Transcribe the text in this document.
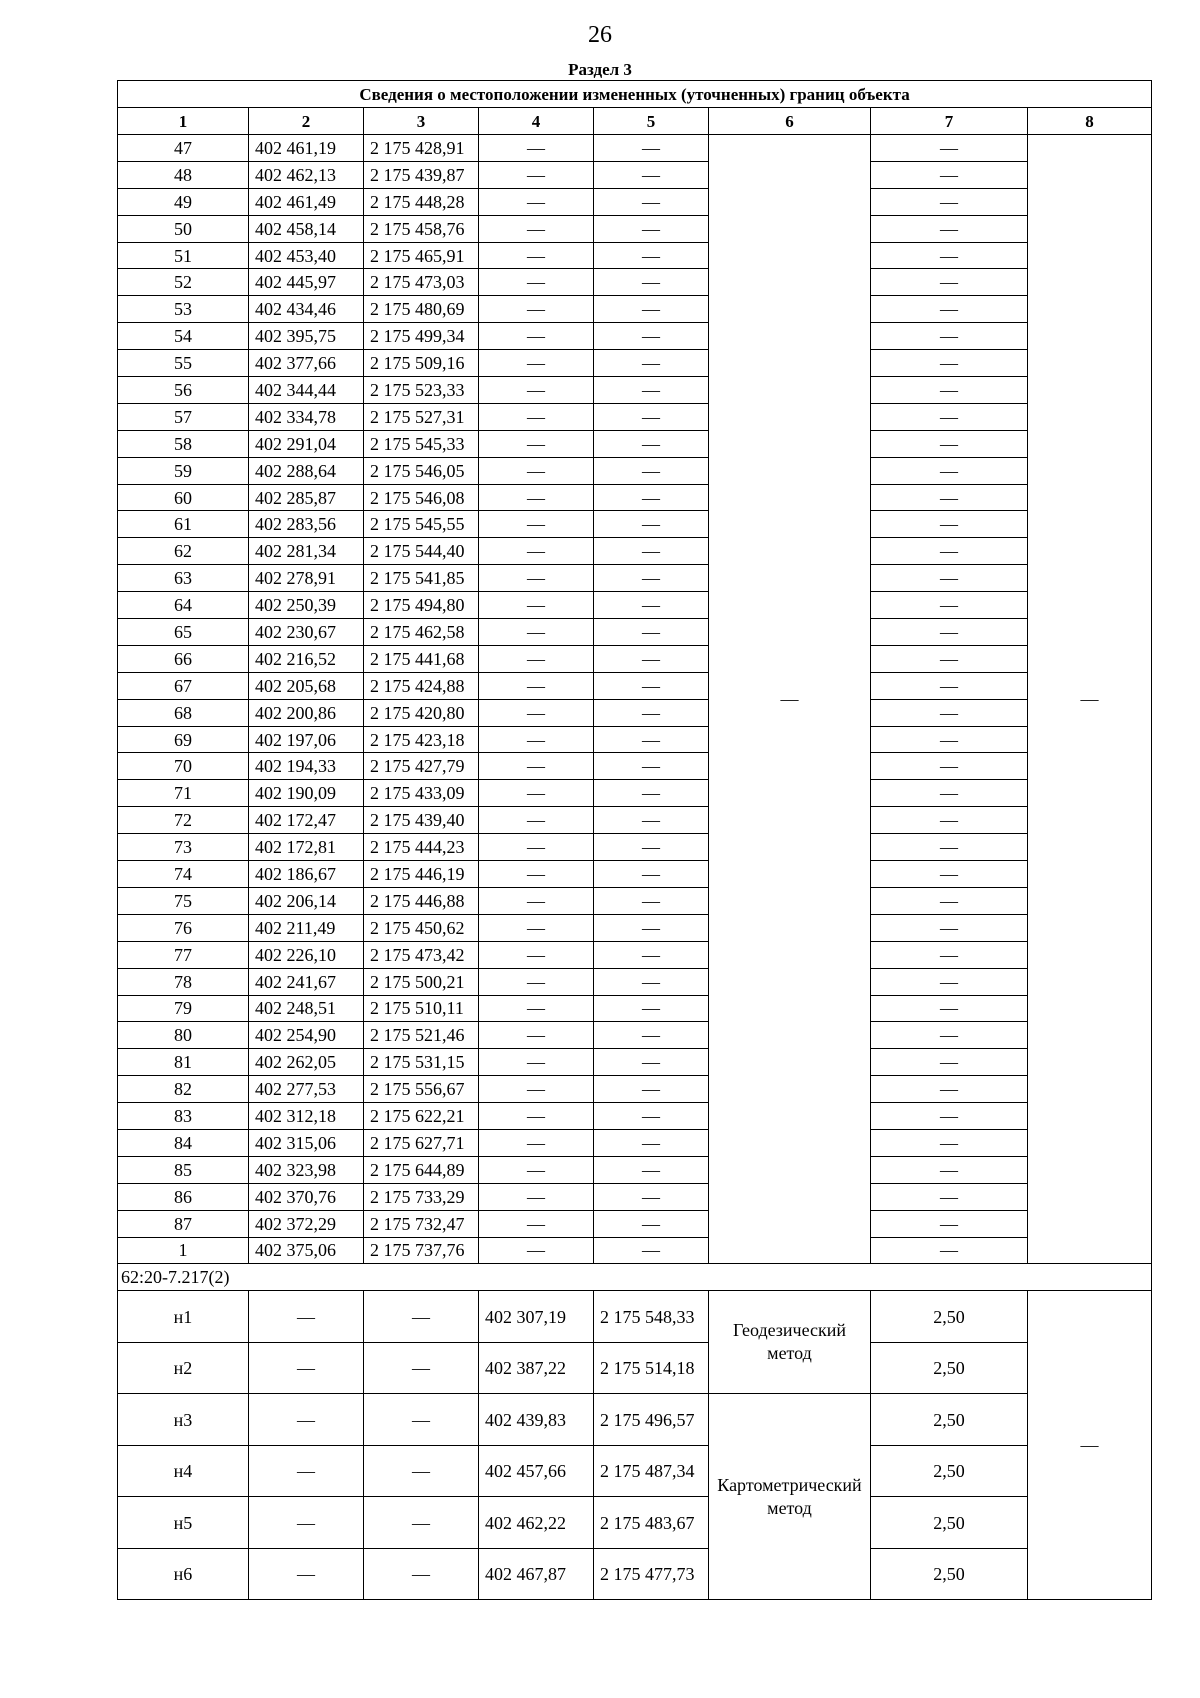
26
Раздел 3
Сведения о местоположении измененных (уточненных) границ объекта							
1	2	3	4	5	6	7	8
47	402 461,19	2 175 428,91	—	—	—	—	—
48	402 462,13	2 175 439,87	—	—		—	
49	402 461,49	2 175 448,28	—	—		—	
50	402 458,14	2 175 458,76	—	—		—	
51	402 453,40	2 175 465,91	—	—		—	
52	402 445,97	2 175 473,03	—	—		—	
53	402 434,46	2 175 480,69	—	—		—	
54	402 395,75	2 175 499,34	—	—		—	
55	402 377,66	2 175 509,16	—	—		—	
56	402 344,44	2 175 523,33	—	—		—	
57	402 334,78	2 175 527,31	—	—		—	
58	402 291,04	2 175 545,33	—	—		—	
59	402 288,64	2 175 546,05	—	—		—	
60	402 285,87	2 175 546,08	—	—		—	
61	402 283,56	2 175 545,55	—	—		—	
62	402 281,34	2 175 544,40	—	—		—	
63	402 278,91	2 175 541,85	—	—		—	
64	402 250,39	2 175 494,80	—	—		—	
65	402 230,67	2 175 462,58	—	—		—	
66	402 216,52	2 175 441,68	—	—		—	
67	402 205,68	2 175 424,88	—	—		—	
68	402 200,86	2 175 420,80	—	—		—	
69	402 197,06	2 175 423,18	—	—		—	
70	402 194,33	2 175 427,79	—	—		—	
71	402 190,09	2 175 433,09	—	—		—	
72	402 172,47	2 175 439,40	—	—		—	
73	402 172,81	2 175 444,23	—	—		—	
74	402 186,67	2 175 446,19	—	—		—	
75	402 206,14	2 175 446,88	—	—		—	
76	402 211,49	2 175 450,62	—	—		—	
77	402 226,10	2 175 473,42	—	—		—	
78	402 241,67	2 175 500,21	—	—		—	
79	402 248,51	2 175 510,11	—	—		—	
80	402 254,90	2 175 521,46	—	—		—	
81	402 262,05	2 175 531,15	—	—		—	
82	402 277,53	2 175 556,67	—	—		—	
83	402 312,18	2 175 622,21	—	—		—	
84	402 315,06	2 175 627,71	—	—		—	
85	402 323,98	2 175 644,89	—	—		—	
86	402 370,76	2 175 733,29	—	—		—	
87	402 372,29	2 175 732,47	—	—		—	
1	402 375,06	2 175 737,76	—	—		—	
62:20-7.217(2)							
н1	—	—	402 307,19	2 175 548,33	Геодезический метод	2,50	—
н2	—	—	402 387,22	2 175 514,18		2,50	
н3	—	—	402 439,83	2 175 496,57	Картометрический метод	2,50	
н4	—	—	402 457,66	2 175 487,34		2,50	
н5	—	—	402 462,22	2 175 483,67		2,50	
н6	—	—	402 467,87	2 175 477,73		2,50	
